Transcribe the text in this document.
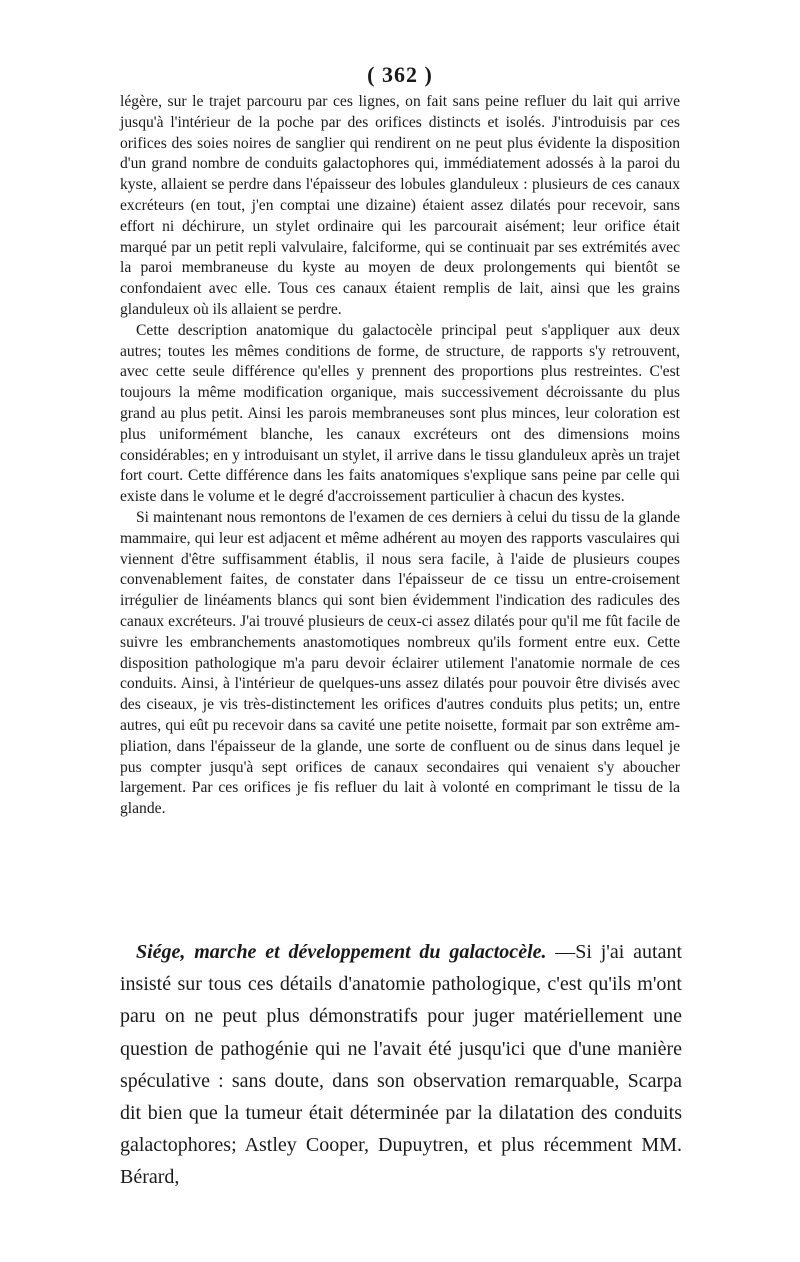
( 362 )

légère, sur le trajet parcouru par ces lignes, on fait sans peine refluer du lait qui arrive jusqu'à l'intérieur de la poche par des orifices distincts et isolés. J'introduisis par ces orifices des soies noires de sanglier qui rendirent on ne peut plus évidente la disposition d'un grand nombre de conduits galactophores qui, immédiatement adossés à la paroi du kyste, allaient se perdre dans l'épaisseur des lobules glanduleux : plusieurs de ces canaux excréteurs (en tout, j'en comptai une dizaine) étaient assez dilatés pour recevoir, sans effort ni déchirure, un stylet ordinaire qui les parcourait aisément; leur orifice était marqué par un petit repli valvulaire, falciforme, qui se continuait par ses extrémités avec la paroi membraneuse du kyste au moyen de deux prolongements qui bientôt se confondaient avec elle. Tous ces canaux étaient remplis de lait, ainsi que les grains glanduleux où ils allaient se perdre.

Cette description anatomique du galactocèle principal peut s'appliquer aux deux autres; toutes les mêmes conditions de forme, de structure, de rapports s'y retrouvent, avec cette seule différence qu'elles y prennent des proportions plus restreintes. C'est toujours la même modification organique, mais successivement décroissante du plus grand au plus petit. Ainsi les parois membraneuses sont plus minces, leur coloration est plus uniformément blanche, les canaux excréteurs ont des dimensions moins considérables; en y introduisant un stylet, il arrive dans le tissu glanduleux après un trajet fort court. Cette différence dans les faits anatomiques s'explique sans peine par celle qui existe dans le volume et le degré d'accroissement particulier à chacun des kystes.

Si maintenant nous remontons de l'examen de ces derniers à celui du tissu de la glande mammaire, qui leur est adjacent et même adhérent au moyen des rapports vasculaires qui viennent d'être suffisamment établis, il nous sera facile, à l'aide de plusieurs coupes convenablement faites, de constater dans l'épaisseur de ce tissu un entre-croisement irrégulier de linéaments blancs qui sont bien évidemment l'indication des radicules des canaux excréteurs. J'ai trouvé plusieurs de ceux-ci assez dilatés pour qu'il me fût facile de suivre les embranchements anastomotiques nombreux qu'ils forment entre eux. Cette disposition pathologique m'a paru devoir éclairer utilement l'anatomie normale de ces conduits. Ainsi, à l'intérieur de quelques-uns assez dilatés pour pouvoir être divisés avec des ciseaux, je vis très-distinctement les orifices d'autres conduits plus petits; un, entre autres, qui eût pu recevoir dans sa cavité une petite noisette, formait par son extrême ampliation, dans l'épaisseur de la glande, une sorte de confluent ou de sinus dans lequel je pus compter jusqu'à sept orifices de canaux secondaires qui venaient s'y aboucher largement. Par ces orifices je fis refluer du lait à volonté en comprimant le tissu de la glande.

Siége, marche et développement du galactocèle. —Si j'ai autant insisté sur tous ces détails d'anatomie pathologique, c'est qu'ils m'ont paru on ne peut plus démonstratifs pour juger matériellement une question de pathogénie qui ne l'avait été jusqu'ici que d'une manière spéculative : sans doute, dans son observation remarquable, Scarpa dit bien que la tumeur était déterminée par la dilatation des conduits galactophores; Astley Cooper, Dupuytren, et plus récemment MM. Bérard,
